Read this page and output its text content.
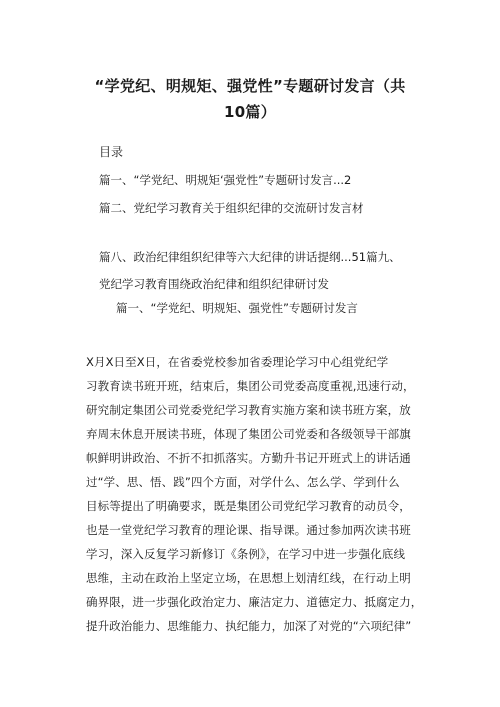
“学党纪、明规矩、强党性”专题研讨发言（共
10篇）

目录

篇一、“学党纪、明规矩‘强党性”专题研讨发言...2

篇二、党纪学习教育关于组织纪律的交流研讨发言材

篇八、政治纪律组织纪律等六大纪律的讲话提纲...51篇九、

党纪学习教育围绕政治纪律和组织纪律研讨发

篇一、“学党纪、明规矩、强党性”专题研讨发言

X月X日至X日，在省委党校参加省委理论学习中心组党纪学

习教育读书班开班，结束后，集团公司党委高度重视,迅速行动，

研究制定集团公司党委党纪学习教育实施方案和读书班方案，放

弃周末休息开展读书班，体现了集团公司党委和各级领导干部旗

帜鲜明讲政治、不折不扣抓落实。方勤升书记开班式上的讲话通

过“学、思、悟、践”四个方面，对学什么、怎么学、学到什么

目标等提出了明确要求，既是集团公司党纪学习教育的动员令，

也是一堂党纪学习教育的理论课、指导课。通过参加两次读书班

学习，深入反复学习新修订《条例》，在学习中进一步强化底线

思维，主动在政治上坚定立场，在思想上划清红线，在行动上明

确界限，进一步强化政治定力、廉洁定力、道德定力、抵腐定力，

提升政治能力、思维能力、执纪能力，加深了对党的“六项纪律”
